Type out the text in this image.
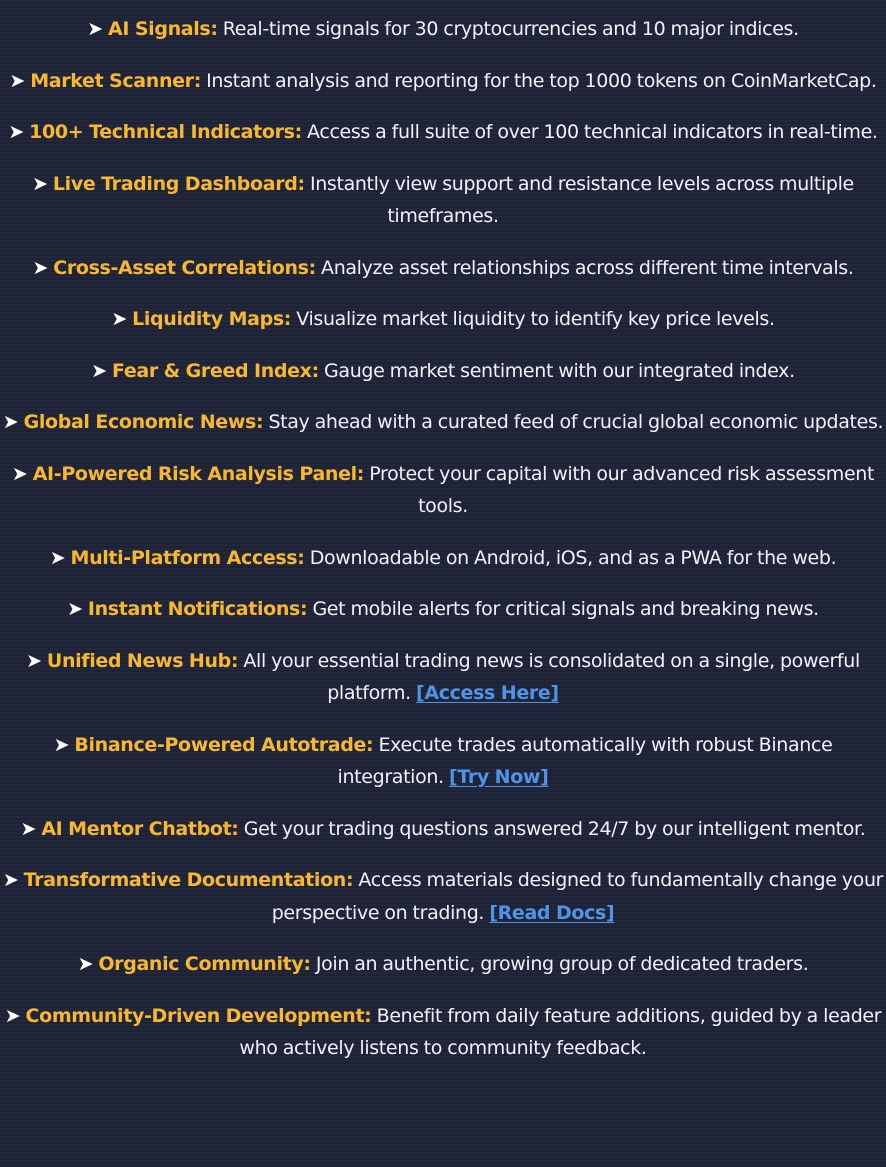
➤ AI Signals: Real-time signals for 30 cryptocurrencies and 10 major indices.
➤ Market Scanner: Instant analysis and reporting for the top 1000 tokens on CoinMarketCap.
➤ 100+ Technical Indicators: Access a full suite of over 100 technical indicators in real-time.
➤ Live Trading Dashboard: Instantly view support and resistance levels across multiple timeframes.
➤ Cross-Asset Correlations: Analyze asset relationships across different time intervals.
➤ Liquidity Maps: Visualize market liquidity to identify key price levels.
➤ Fear & Greed Index: Gauge market sentiment with our integrated index.
➤ Global Economic News: Stay ahead with a curated feed of crucial global economic updates.
➤ AI-Powered Risk Analysis Panel: Protect your capital with our advanced risk assessment tools.
➤ Multi-Platform Access: Downloadable on Android, iOS, and as a PWA for the web.
➤ Instant Notifications: Get mobile alerts for critical signals and breaking news.
➤ Unified News Hub: All your essential trading news is consolidated on a single, powerful platform. [Access Here]
➤ Binance-Powered Autotrade: Execute trades automatically with robust Binance integration. [Try Now]
➤ AI Mentor Chatbot: Get your trading questions answered 24/7 by our intelligent mentor.
➤ Transformative Documentation: Access materials designed to fundamentally change your perspective on trading. [Read Docs]
➤ Organic Community: Join an authentic, growing group of dedicated traders.
➤ Community-Driven Development: Benefit from daily feature additions, guided by a leader who actively listens to community feedback.
